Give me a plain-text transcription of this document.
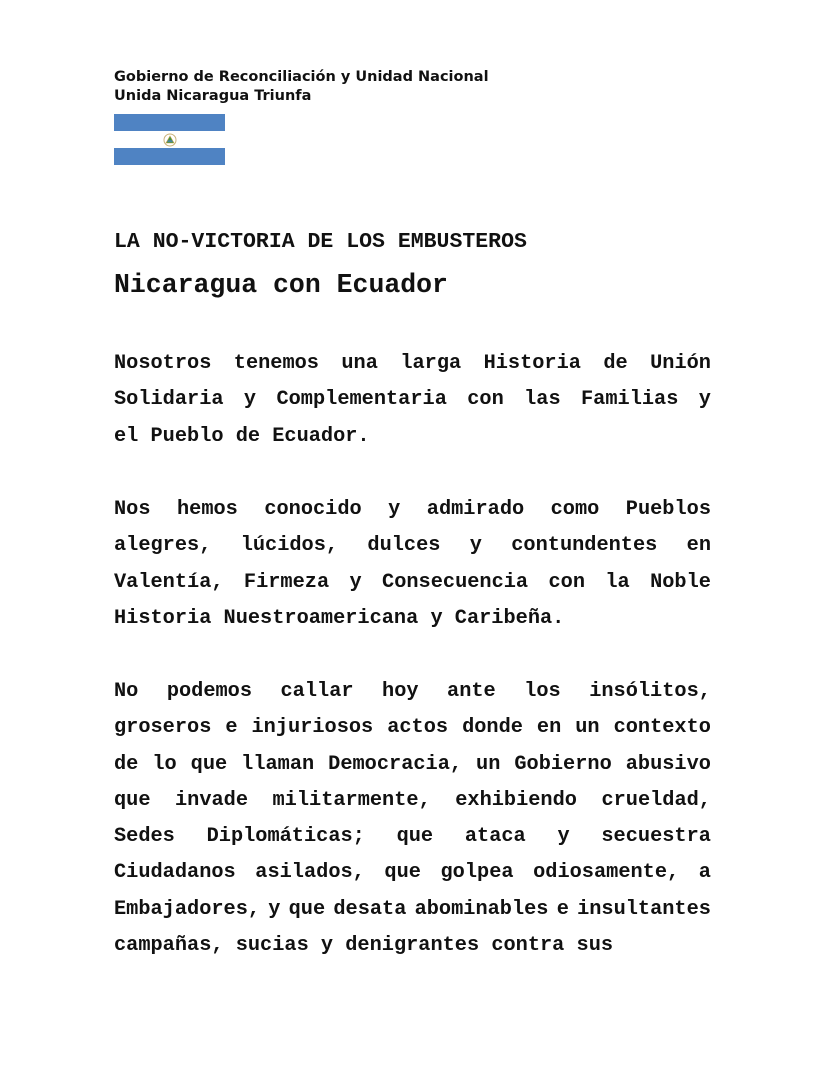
Gobierno de Reconciliación y Unidad Nacional
Unida Nicaragua Triunfa
LA NO-VICTORIA DE LOS EMBUSTEROS
Nicaragua con Ecuador
Nosotros tenemos una larga Historia de Unión
Solidaria y Complementaria con las Familias y
el Pueblo de Ecuador.
Nos hemos conocido y admirado como Pueblos
alegres, lúcidos, dulces y contundentes en
Valentía, Firmeza y Consecuencia con la Noble
Historia Nuestroamericana y Caribeña.
No podemos callar hoy ante los insólitos,
groseros e injuriosos actos donde en un contexto
de lo que llaman Democracia, un Gobierno abusivo
que invade militarmente, exhibiendo crueldad,
Sedes Diplomáticas; que ataca y secuestra
Ciudadanos asilados, que golpea odiosamente, a
Embajadores, y que desata abominables e insultantes
campañas, sucias y denigrantes contra sus
